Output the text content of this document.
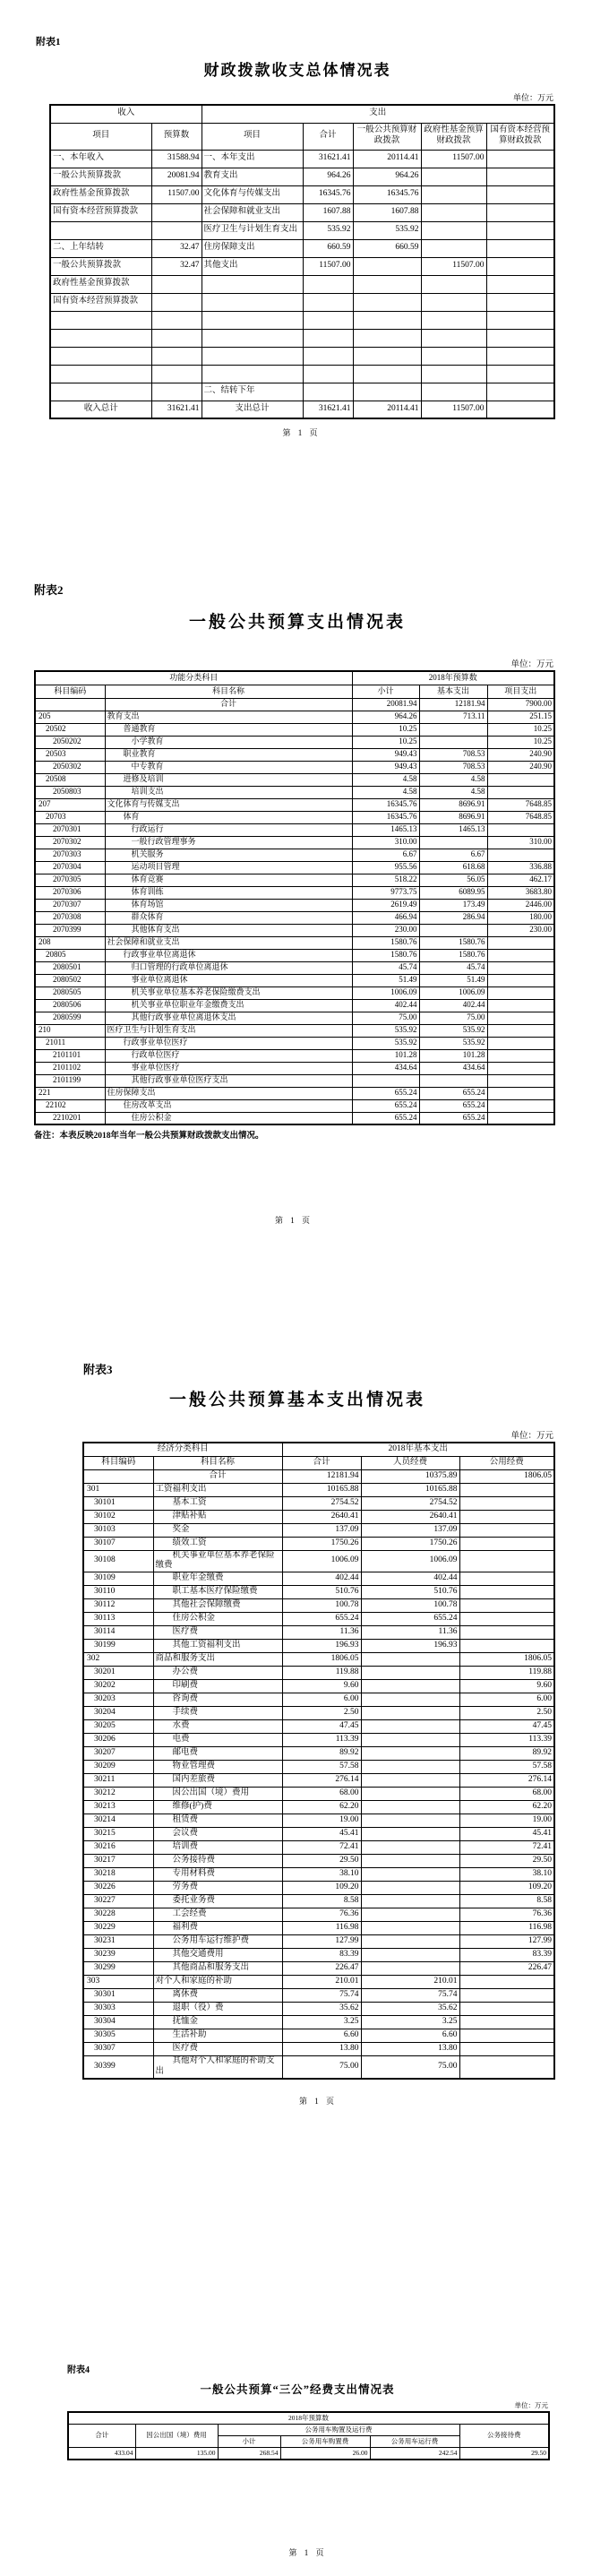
附表1
财政拨款收支总体情况表
单位：万元
收入		支出				
项目	预算数	项目	合计	一般公共预算财政拨款	政府性基金预算财政拨款	国有资本经营预算财政拨款
一、本年收入	31588.94	一、本年支出	31621.41	20114.41	11507.00	
一般公共预算拨款	20081.94	教育支出	964.26	964.26		
政府性基金预算拨款	11507.00	文化体育与传媒支出	16345.76	16345.76		
国有资本经营预算拨款		社会保障和就业支出	1607.88	1607.88		
		医疗卫生与计划生育支出	535.92	535.92		
二、上年结转	32.47	住房保障支出	660.59	660.59		
一般公共预算拨款	32.47	其他支出	11507.00		11507.00	
政府性基金预算拨款						
国有资本经营预算拨款						

		二、结转下年				
收入总计	31621.41	支出总计	31621.41	20114.41	11507.00	
第 1 页
附表2
一般公共预算支出情况表
单位：万元
功能分类科目		2018年预算数		
科目编码	科目名称	小计	基本支出	项目支出
	合计	20081.94	12181.94	7900.00
205	教育支出	964.26	713.11	251.15
20502	普通教育	10.25		10.25
2050202	小学教育	10.25		10.25
20503	职业教育	949.43	708.53	240.90
2050302	中专教育	949.43	708.53	240.90
20508	进修及培训	4.58	4.58	
2050803	培训支出	4.58	4.58	
207	文化体育与传媒支出	16345.76	8696.91	7648.85
20703	体育	16345.76	8696.91	7648.85
2070301	行政运行	1465.13	1465.13	
2070302	一般行政管理事务	310.00		310.00
2070303	机关服务	6.67	6.67	
2070304	运动项目管理	955.56	618.68	336.88
2070305	体育竞赛	518.22	56.05	462.17
2070306	体育训练	9773.75	6089.95	3683.80
2070307	体育场馆	2619.49	173.49	2446.00
2070308	群众体育	466.94	286.94	180.00
2070399	其他体育支出	230.00		230.00
208	社会保障和就业支出	1580.76	1580.76	
20805	行政事业单位离退休	1580.76	1580.76	
2080501	归口管理的行政单位离退休	45.74	45.74	
2080502	事业单位离退休	51.49	51.49	
2080505	机关事业单位基本养老保险缴费支出	1006.09	1006.09	
2080506	机关事业单位职业年金缴费支出	402.44	402.44	
2080599	其他行政事业单位离退休支出	75.00	75.00	
210	医疗卫生与计划生育支出	535.92	535.92	
21011	行政事业单位医疗	535.92	535.92	
2101101	行政单位医疗	101.28	101.28	
2101102	事业单位医疗	434.64	434.64	
2101199	其他行政事业单位医疗支出			
221	住房保障支出	655.24	655.24	
22102	住房改革支出	655.24	655.24	
2210201	住房公积金	655.24	655.24	
备注：本表反映2018年当年一般公共预算财政拨款支出情况。
第 1 页
附表3
一般公共预算基本支出情况表
单位：万元
经济分类科目		2018年基本支出		
科目编码	科目名称	合计	人员经费	公用经费
	合计	12181.94	10375.89	1806.05
301	工资福利支出	10165.88	10165.88	
30101	基本工资	2754.52	2754.52	
30102	津贴补贴	2640.41	2640.41	
30103	奖金	137.09	137.09	
30107	绩效工资	1750.26	1750.26	
30108	机关事业单位基本养老保险缴费	1006.09	1006.09	
30109	职业年金缴费	402.44	402.44	
30110	职工基本医疗保险缴费	510.76	510.76	
30112	其他社会保障缴费	100.78	100.78	
30113	住房公积金	655.24	655.24	
30114	医疗费	11.36	11.36	
30199	其他工资福利支出	196.93	196.93	
302	商品和服务支出	1806.05		1806.05
30201	办公费	119.88		119.88
30202	印刷费	9.60		9.60
30203	咨询费	6.00		6.00
30204	手续费	2.50		2.50
30205	水费	47.45		47.45
30206	电费	113.39		113.39
30207	邮电费	89.92		89.92
30209	物业管理费	57.58		57.58
30211	国内差旅费	276.14		276.14
30212	因公出国（境）费用	68.00		68.00
30213	维修(护)费	62.20		62.20
30214	租赁费	19.00		19.00
30215	会议费	45.41		45.41
30216	培训费	72.41		72.41
30217	公务接待费	29.50		29.50
30218	专用材料费	38.10		38.10
30226	劳务费	109.20		109.20
30227	委托业务费	8.58		8.58
30228	工会经费	76.36		76.36
30229	福利费	116.98		116.98
30231	公务用车运行维护费	127.99		127.99
30239	其他交通费用	83.39		83.39
30299	其他商品和服务支出	226.47		226.47
303	对个人和家庭的补助	210.01	210.01	
30301	离休费	75.74	75.74	
30303	退职（役）费	35.62	35.62	
30304	抚恤金	3.25	3.25	
30305	生活补助	6.60	6.60	
30307	医疗费	13.80	13.80	
30399	其他对个人和家庭的补助支出	75.00	75.00	
第 1 页
附表4
一般公共预算“三公”经费支出情况表
单位：万元
2018年预算数					
合计	因公出国（境）费用	公务用车购置及运行费			公务接待费
		小计	公务用车购置费	公务用车运行费	
433.04	135.00	268.54	26.00	242.54	29.50
第 1 页
